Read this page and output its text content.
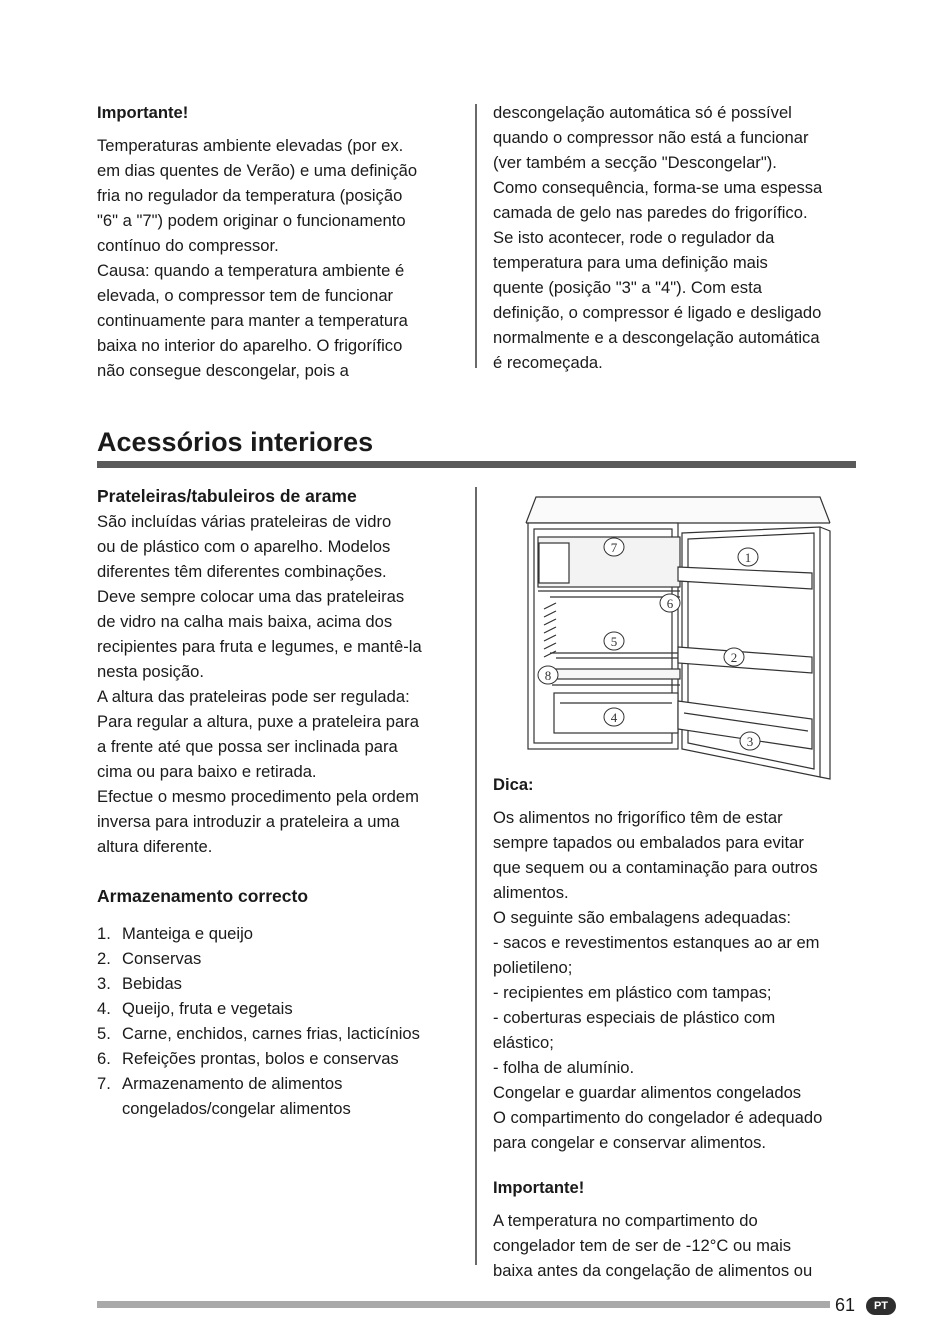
Importante!

Temperaturas ambiente elevadas (por ex.

em dias quentes de Verão) e uma definição

fria no regulador da temperatura (posição

"6" a "7") podem originar o funcionamento

contínuo do compressor.

Causa: quando a temperatura ambiente é

elevada, o compressor tem de funcionar

continuamente para manter a temperatura

baixa no interior do aparelho. O frigorífico

não consegue descongelar, pois a

descongelação automática só é possível

quando o compressor não está a funcionar

(ver também a secção "Descongelar").

Como consequência, forma-se uma espessa

camada de gelo nas paredes do frigorífico.

Se isto acontecer, rode o regulador da

temperatura para uma definição mais

quente (posição "3" a "4"). Com esta

definição, o compressor é ligado e desligado

normalmente e a descongelação automática

é recomeçada.

Acessórios interiores

Prateleiras/tabuleiros de arame

São incluídas várias prateleiras de vidro

ou de plástico com o aparelho. Modelos

diferentes têm diferentes combinações.

Deve sempre colocar uma das prateleiras

de vidro na calha mais baixa, acima dos

recipientes para fruta e legumes, e mantê-la

nesta posição.

A altura das prateleiras pode ser regulada:

Para regular a altura, puxe a prateleira para

a frente até que possa ser inclinada para

cima ou para baixo e retirada.

Efectue o mesmo procedimento pela ordem

inversa para introduzir a prateleira a uma

altura diferente.

Armazenamento correcto

1. Manteiga e queijo
2. Conservas
3. Bebidas
4. Queijo, fruta e vegetais
5. Carne, enchidos, carnes frias, lacticínios
6. Refeições prontas, bolos e conservas
7. Armazenamento de alimentos
congelados/congelar alimentos
1
2
3
4
5
6
7
8

Dica:

Os alimentos no frigorífico têm de estar

sempre tapados ou embalados para evitar

que sequem ou a contaminação para outros

alimentos.

O seguinte são embalagens adequadas:

- sacos e revestimentos estanques ao ar em

polietileno;

- recipientes em plástico com tampas;

- coberturas especiais de plástico com

elástico;

- folha de alumínio.

Congelar e guardar alimentos congelados

O compartimento do congelador é adequado

para congelar e conservar alimentos.

Importante!

A temperatura no compartimento do

congelador tem de ser de -12°C ou mais

baixa antes da congelação de alimentos ou

61	PT
